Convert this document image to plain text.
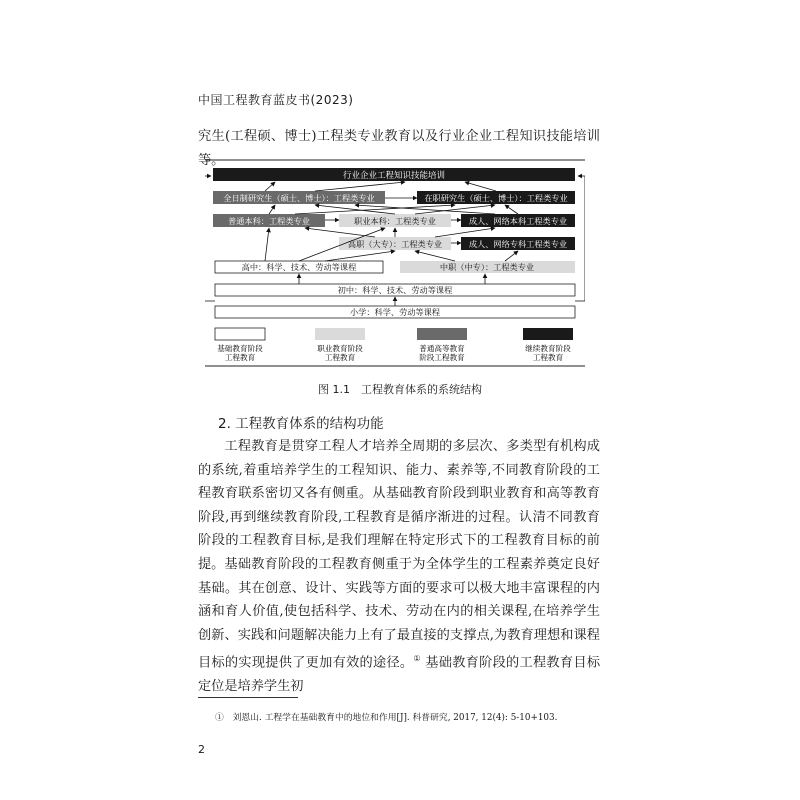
中国工程教育蓝皮书(2023)

究生(工程硕、博士)工程类专业教育以及行业企业工程知识技能培训等。

行业企业工程知识技能培训
全日制研究生（硕士、博士）：工程类专业	在职研究生（硕士、博士）：工程类专业
普通本科：工程类专业	职业本科：工程类专业	成人、网络本科工程类专业
高职（大专）：工程类专业	成人、网络专科工程类专业
高中：科学、技术、劳动等课程	中职（中专）：工程类专业
初中：科学、技术、劳动等课程
小学：科学、劳动等课程
基础教育阶段
工程教育
职业教育阶段
工程教育
普通高等教育
阶段工程教育
继续教育阶段
工程教育
图 1.1　工程教育体系的系统结构
2. 工程教育体系的结构功能

工程教育是贯穿工程人才培养全周期的多层次、多类型有机构成的系统,着重培养学生的工程知识、能力、素养等,不同教育阶段的工程教育联系密切又各有侧重。从基础教育阶段到职业教育和高等教育阶段,再到继续教育阶段,工程教育是循序渐进的过程。认清不同教育阶段的工程教育目标,是我们理解在特定形式下的工程教育目标的前提。 基础教育阶段的工程教育侧重于为全体学生的工程素养奠定良好基础。其在创意、设计、实践等方面的要求可以极大地丰富课程的内涵和育人价值,使包括科学、技术、劳动在内的相关课程,在培养学生创新、实践和问题解决能力上有了最直接的支撑点,为教育理想和课程目标的实现提供了更加有效的途径。① 基础教育阶段的工程教育目标定位是培养学生初

①　刘恩山. 工程学在基础教育中的地位和作用[J]. 科普研究, 2017, 12(4): 5-10+103.
2
